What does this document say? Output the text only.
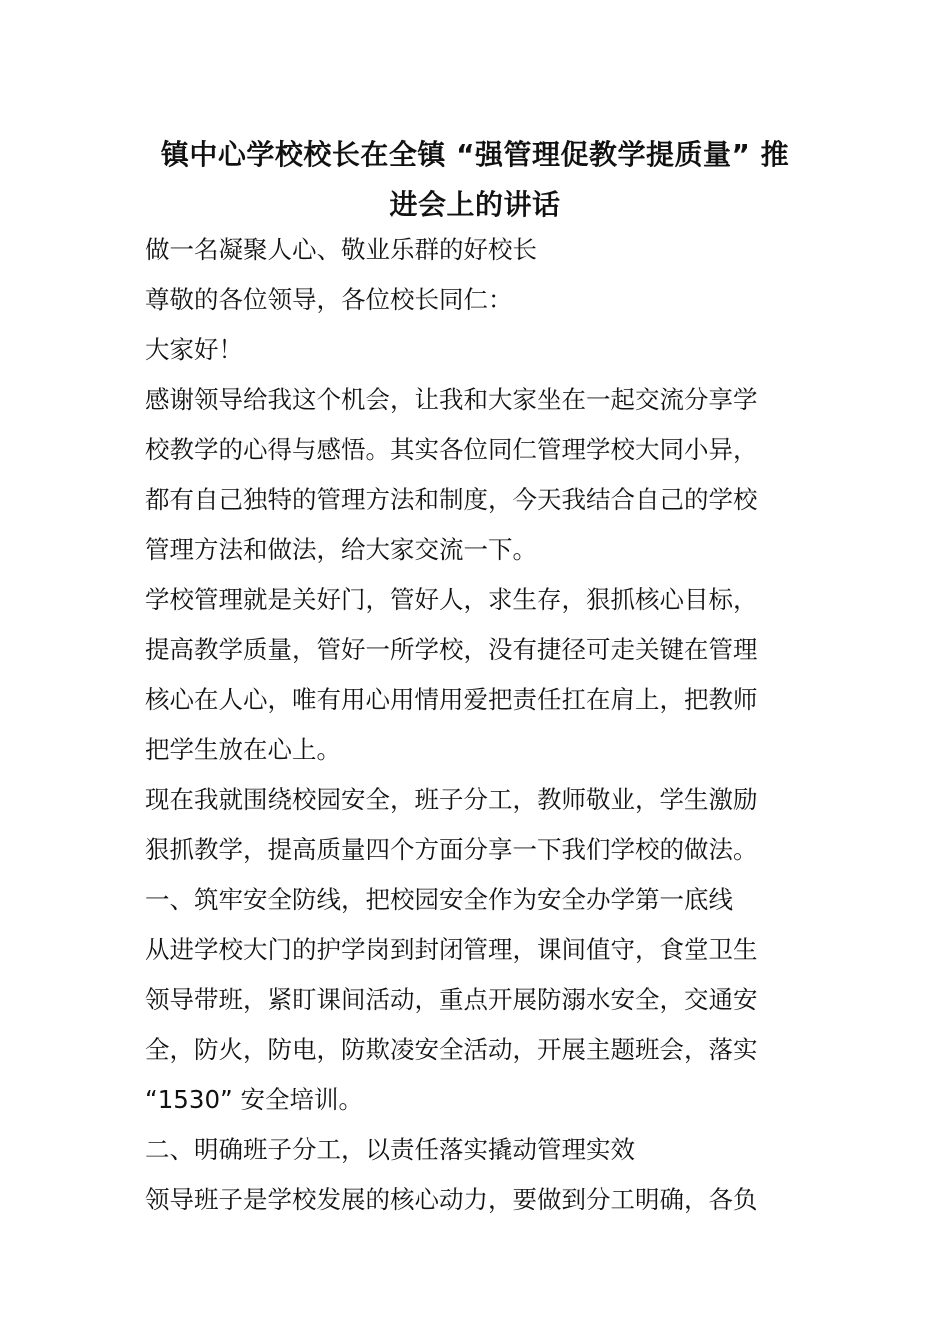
镇中心学校校长在全镇 “强管理促教学提质量” 推
进会上的讲话
做一名凝聚人心、敬业乐群的好校长
尊敬的各位领导，各位校长同仁：
大家好！
感谢领导给我这个机会，让我和大家坐在一起交流分享学
校教学的心得与感悟。其实各位同仁管理学校大同小异，
都有自己独特的管理方法和制度，今天我结合自己的学校
管理方法和做法，给大家交流一下。
学校管理就是关好门，管好人，求生存，狠抓核心目标，
提高教学质量，管好一所学校，没有捷径可走关键在管理
核心在人心，唯有用心用情用爱把责任扛在肩上，把教师
把学生放在心上。
现在我就围绕校园安全，班子分工，教师敬业，学生激励
狠抓教学，提高质量四个方面分享一下我们学校的做法。
一、筑牢安全防线，把校园安全作为安全办学第一底线
从进学校大门的护学岗到封闭管理，课间值守，食堂卫生
领导带班，紧盯课间活动，重点开展防溺水安全，交通安
全，防火，防电，防欺凌安全活动，开展主题班会，落实
“1530” 安全培训。
二、明确班子分工，以责任落实撬动管理实效
领导班子是学校发展的核心动力，要做到分工明确，各负
